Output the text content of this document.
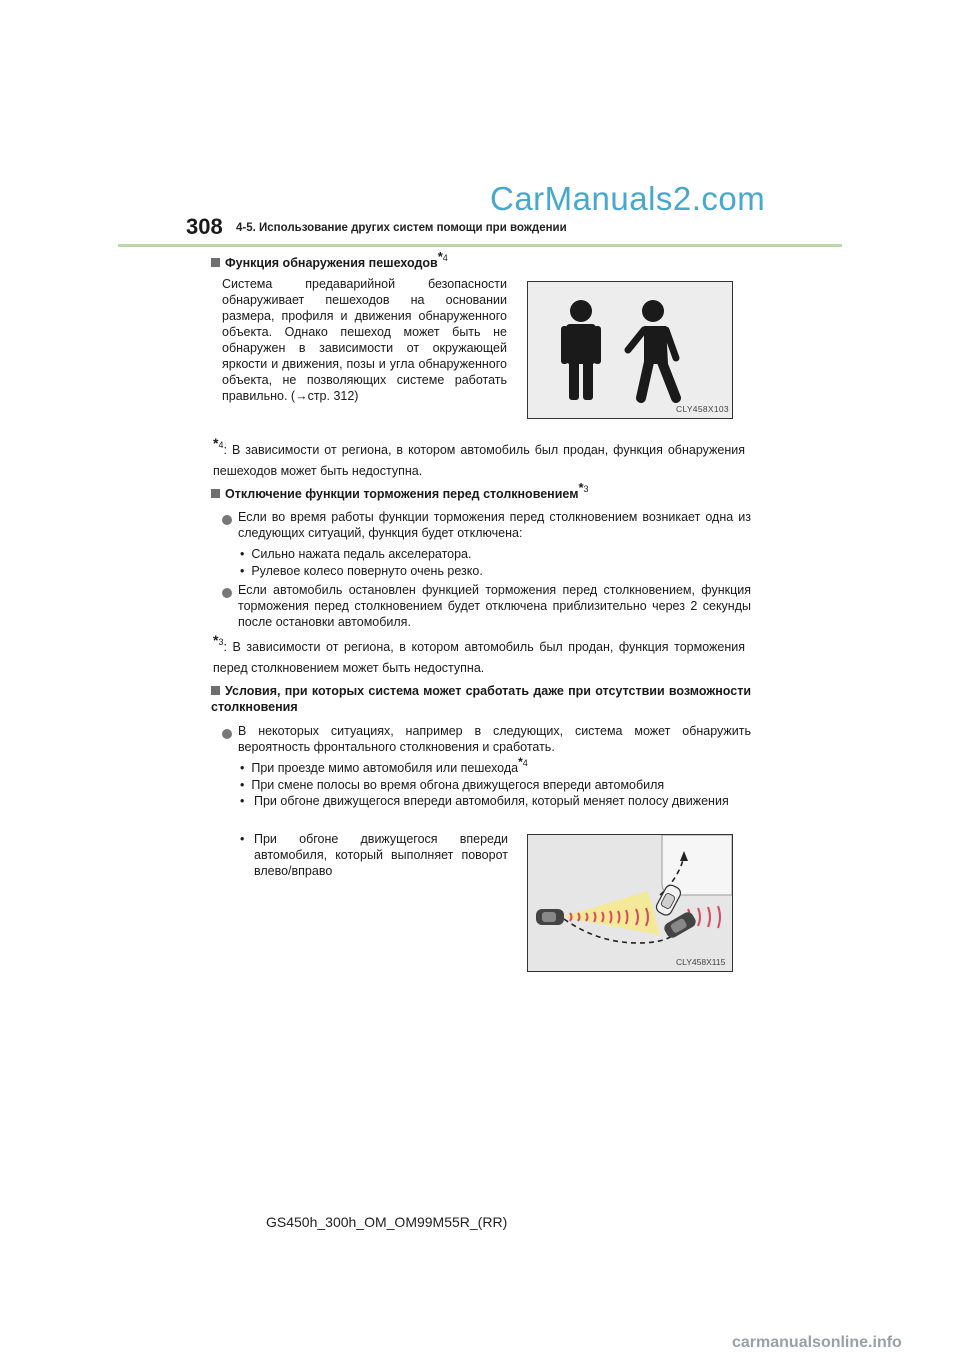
CarManuals2.com
308 4-5. Использование других систем помощи при вождении
Функция обнаружения пешеходов*4
Система предаварийной безопасности обнаруживает пешеходов на основании размера, профиля и движения обнаруженного объекта. Однако пешеход может быть не обнаружен в зависимости от окружающей яркости и движения, позы и угла обнаруженного объекта, не позволяющих системе работать правильно. (→стр. 312)
CLY458X103
*4: В зависимости от региона, в котором автомобиль был продан, функция обнаружения пешеходов может быть недоступна.
Отключение функции торможения перед столкновением*3
Если во время работы функции торможения перед столкновением возникает одна из следующих ситуаций, функция будет отключена:
•  Сильно нажата педаль акселератора.
•  Рулевое колесо повернуто очень резко.
Если автомобиль остановлен функцией торможения перед столкновением, функция торможения перед столкновением будет отключена приблизительно через 2 секунды после остановки автомобиля.
*3: В зависимости от региона, в котором автомобиль был продан, функция торможения перед столкновением может быть недоступна.
Условия, при которых система может сработать даже при отсутствии возможности столкновения
В некоторых ситуациях, например в следующих, система может обнаружить вероятность фронтального столкновения и сработать.
•  При проезде мимо автомобиля или пешехода*4
•  При смене полосы во время обгона движущегося впереди автомобиля
• При обгоне движущегося впереди автомобиля, который меняет полосу движения
• При обгоне движущегося впереди автомобиля, который выполняет поворот влево/вправо
CLY458X115
GS450h_300h_OM_OM99M55R_(RR)
carmanualsonline.info
